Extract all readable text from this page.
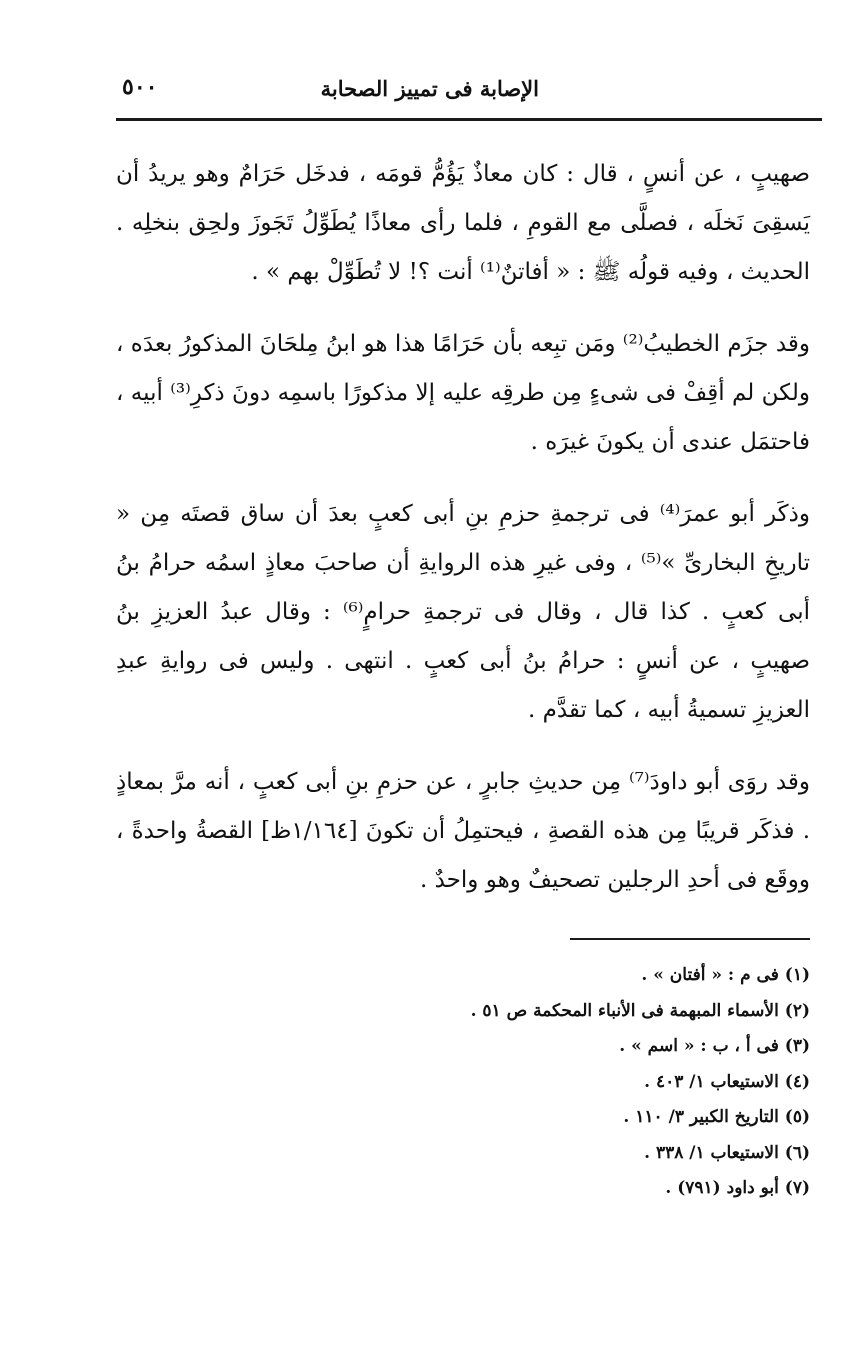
الإصابة فى تمييز الصحابة
٥٠٠

صهيبٍ ، عن أنسٍ ، قال : كان معاذٌ يَؤُمُّ قومَه ، فدخَل حَرَامٌ وهو يريدُ أن يَسقِىَ نَخلَه ، فصلَّى مع القومِ ، فلما رأى معاذًا يُطَوِّلُ تَجَوزَ ولحِق بنخلِه . الحديث ، وفيه قولُه ﷺ : « أفاتنٌ⁽¹⁾ أنت ؟! لا تُطَوِّلْ بهم » .

وقد جزَم الخطيبُ⁽²⁾ ومَن تبِعه بأن حَرَامًا هذا هو ابنُ مِلحَانَ المذكورُ بعدَه ، ولكن لم أقِفْ فى شىءٍ مِن طرقِه عليه إلا مذكورًا باسمِه دونَ ذكرِ⁽³⁾ أبيه ، فاحتمَل عندى أن يكونَ غيرَه .

وذكَر أبو عمرَ⁽⁴⁾ فى ترجمةِ حزمِ بنِ أبى كعبٍ بعدَ أن ساق قصتَه مِن « تاريخِ البخارىِّ »⁽⁵⁾ ، وفى غيرِ هذه الروايةِ أن صاحبَ معاذٍ اسمُه حرامُ بنُ أبى كعبٍ . كذا قال ، وقال فى ترجمةِ حرامٍ⁽⁶⁾ : وقال عبدُ العزيزِ بنُ صهيبٍ ، عن أنسٍ : حرامُ بنُ أبى كعبٍ . انتهى . وليس فى روايةِ عبدِ العزيزِ تسميةُ أبيه ، كما تقدَّم .

وقد روَى أبو داودَ⁽⁷⁾ مِن حديثِ جابرٍ ، عن حزمِ بنِ أبى كعبٍ ، أنه مرَّ بمعاذٍ . فذكَر قريبًا مِن هذه القصةِ ، فيحتمِلُ أن تكونَ [١/١٦٤ظ] القصةُ واحدةً ، ووقَع فى أحدِ الرجلين تصحيفٌ وهو واحدٌ .

(١) فى م : « أفتان » .
(٢) الأسماء المبهمة فى الأنباء المحكمة ص ٥١ .
(٣) فى أ ، ب : « اسم » .
(٤) الاستيعاب ١/ ٤٠٣ .
(٥) التاريخ الكبير ٣/ ١١٠ .
(٦) الاستيعاب ١/ ٣٣٨ .
(٧) أبو داود (٧٩١) .
